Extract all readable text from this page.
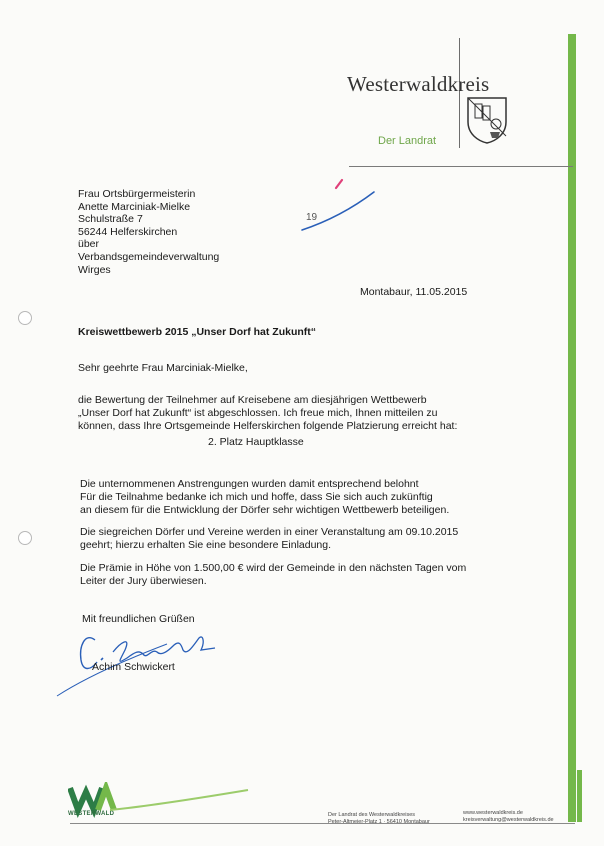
Westerwaldkreis
Der Landrat
19
Frau Ortsbürgermeisterin
Anette Marciniak-Mielke
Schulstraße 7
56244 Helferskirchen
über
Verbandsgemeindeverwaltung
Wirges
Montabaur, 11.05.2015
Kreiswettbewerb 2015 „Unser Dorf hat Zukunft“
Sehr geehrte Frau Marciniak-Mielke,
die Bewertung der Teilnehmer auf Kreisebene am diesjährigen Wettbewerb
„Unser Dorf hat Zukunft“ ist abgeschlossen. Ich freue mich, Ihnen mitteilen zu
können, dass Ihre Ortsgemeinde Helferskirchen folgende Platzierung erreicht hat:
2. Platz Hauptklasse
Die unternommenen Anstrengungen wurden damit entsprechend belohnt
Für die Teilnahme bedanke ich mich und hoffe, dass Sie sich auch zukünftig
an diesem für die Entwicklung der Dörfer sehr wichtigen Wettbewerb beteiligen.
Die siegreichen Dörfer und Vereine werden in einer Veranstaltung am 09.10.2015
geehrt; hierzu erhalten Sie eine besondere Einladung.
Die Prämie in Höhe von 1.500,00 € wird der Gemeinde in den nächsten Tagen vom
Leiter der Jury überwiesen.
Mit freundlichen Grüßen
Achim Schwickert
WESTERWALD	Der Landrat des Westerwaldkreises
Peter-Altmeier-Platz 1 · 56410 Montabaur
www.westerwaldkreis.de
kreisverwaltung@westerwaldkreis.de
